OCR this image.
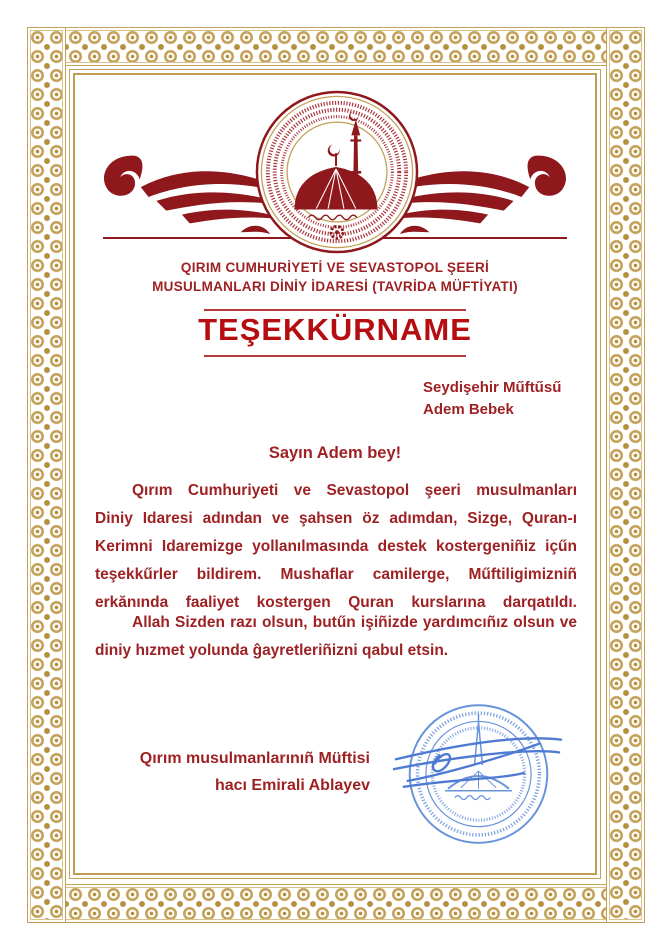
QIRIM CUMHURİYETİ VE SEVASTOPOL ŞEERİ
MUSULMANLARI DİNİY İDARESİ (TAVRİDA MÜFTİYATI)
TEŞEKKÜRNAME
Seydişehir Műftűsű
Adem Bebek
Sayın Adem bey!
Qırım Cumhuriyeti ve Sevastopol şeeri musulmanları
Diniy Idaresi adından ve şahsen öz adımdan, Sizge, Quran-ı
Kerimni Idaremizge yollanılmasında destek kostergeniñiz içűn
teşekkűrler bildirem. Mushaflar camilerge, Műftiligimizniñ
erkănında faaliyet kostergen Quran kurslarına darqatıldı.
Allah Sizden razı olsun, butűn işiñizde yardımcıñız olsun ve
diniy hızmet yolunda ĝayretleriñizni qabul etsin.
Qırım musulmanlarınıñ Müftisi
hacı Emirali Ablayev
